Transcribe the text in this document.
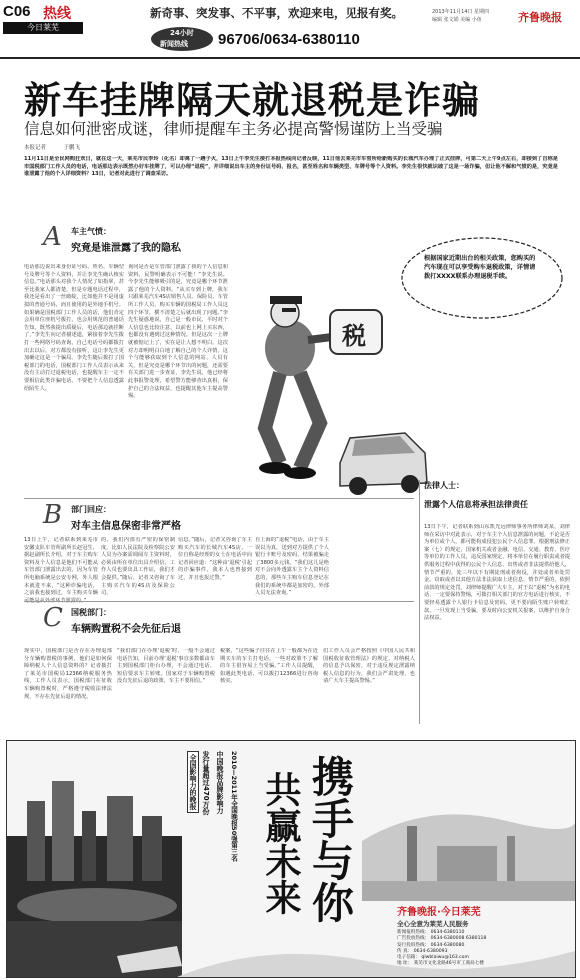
C06 热线
今日莱芜
新奇事、突发事、不平事，欢迎来电，见报有奖。
24小时
新闻热线 96706/0634-6380110
2013年11月14日 星期四
编辑 张文娟 美编 小鱼	齐鲁晚报
新车挂牌隔天就退税是诈骗
信息如何泄密成谜，律师提醒车主务必提高警惕谨防上当受骗
本报记者	于鹏飞
11月11日是全民网购狂欢日，就在这一天，莱芜市民李玲（化名）却离了一趟子火，13日上午李先生接打本报热线向记者反映，11日他去莱芜市车管所给新购买的长城汽车办理了正式挂牌，可第二天上午9点左右，却接到了自称是市国税部门工作人员的电话，电话那边表示既然办好车挂牌了，可以办理“退税”，并详细说出车主的身份证号码、报名，甚至姓名和车辆类型、车牌号等个人资料。李先生很快就识破了这是一场诈骗，但让他不解和气愤的是，究竟是谁泄露了他的个人详细资料？13日，记者对此进行了调查采访。
A 车主气愤：
究竟是谁泄露了我的隐私
电话那边说出来身份证号码、姓名、车辆型号及牌号等个人资料，并让李先生确认核实信息。”电话那头对我个人情况了如指掌，甚至比我家人都清楚，但是专题电话过程中，我还是看出了一丝破绽，比如他并不是用虚拟的普通号码，而且使用的是外地手机号。如果确是国税部门工作人员的话，他们肯定会用单位座机号拨打，也会用规范的普通话告知。既然我提出质疑后，电话那边就挂断了，”李先生向记者描述道，紧接着李先生拨打一些网络号码查询，自己电话号码都拨打出去以后，对方都没有接听，这让李先生更加确定这是一个骗局。李先生随后拨打了国税部门的电话，国税部门工作人员表示从来没有主动打过退税电话，也提醒车主一定不要相信此类诈骗电话，不要把个人信息透露给陌生人。
询问是否是车管部门泄露了我的个人信息和资料，民警明确表示不可能！”李先生说。今李先生能够吸引的是，究竟是哪个环节泄露了他的个人资料。“从买车到上牌，我车只跟莱芜汽车4S店销售人员、保险员、车管所工作人员、购买车辆的国税局工作人员这四个环节，横不清楚之后就出现了问题。”李先生疑惑地说，自己是一般市民，平时对个人信息也比较注意，以前也上网上买东西，也都没有遇到过这种情况。但是这次一上牌就被惦记上了，实在是让人想不明白。这次对方却明明白白地了解自己的个人详情，这个与能够获取到个人信息的网站、人员有关，但是究竟是哪个环节出的问题，还需要有关部门进一步查证，李先生说，他已经将此事报警处理，希望警方能够查出真相，保护自己的合法权益，也提醒其他车主提高警惕。
税
根据国家近期出台的相关政策，您购买的汽车现在可以享受购车退税政策，详情请拨打XXXX联系办理退税手续。
B 部门回应：
对车主信息保密非常严格
13日上午，记者联系到莱芜市安馨支队车管所副所长赵冠生，据赵副所长介绍，对于车主购车资料及个人信息是他们不可能从车管部门泄露出去的，因为车管所电脑系统是公安专网，外人根本就进不来，“这种诈骗电话，之前我也接到过，车主购买车辆
的，我们内部有严密的保密制度，比如人民法院及检察院公安人员为办案需调阅车主资料时，必须由所在单位出具介绍信，工作人员也要出具工作证，我们才会提供。”随后，记者又咨询了车主购买汽车的4S店及保险公司。
信息。”随后，记者又咨询了车主购买汽车的长城汽车4S店，一位自称是经理的女士在电话中向记者回应道：“这种由‘退税’引起的诈骗事件，我本人也曾接到过，并且也报过警。”
自上海的“退税”电话，由于车主误以为真，送到对方提供了个人银行卡账号及密码，结果被骗走了3800多元钱，“我们这儿是绝对不会向外透露车主个人资料信息的，那些车主购车信息登记在我们的系统中都是加密的，外部人员无法查询。”
C 国税部门：
车辆购置税不会先征后退
现实中，国税部门是否存在办理退部分车辆购置税的事例，他们是如何保障纳税人个人信息资料的？记者拨打了莱芜市国税局12366纳税服务热线，工作人员表示，国税部门在征收车辆购置税时，严格遵守税收法律法规，不存在先征后退的情况。
“我们部门在办理‘退税’时，一般不会通过电话告知，目前办理‘退税’事宜多数都由车主到国税部门柜台办理，不会通过电话、短信要求车主转账。国家对于车辆购置税没有先征后退的政策，车主不要相信。”
税案，“这些骗子往往在上午一般都为在近期买车的车主打电话，一些对政策不了解的车主很容易上当受骗。”工作人员提醒，如遇此类电话，可以拨打12366进行咨询核实。
们工作人员会严格按照《中国人民共和国税收征收管理法》的规定，对纳税人的信息予以保密，对于违反规定泄露纳税人信息的行为，我们会严肃处理，也请广大车主提高警惕。”
法律人士：
泄露个人信息将承担法律责任
13日下午，记者联系到山东凯光远律师事务所律师刘某，刘律师在采访中对此表示，对于车主个人信息泄露的问题，不论是否为单位或个人，都可能构成侵犯公民个人信息罪。根据刑法修正案（七）的规定，国家机关或者金融、电信、交通、教育、医疗等单位的工作人员，违反国家规定，将本单位在履行职责或者提供服务过程中获得的公民个人信息，出售或者非法提供给他人，情节严重的，处三年以下有期徒刑或者拘役，并处或者单处罚金。窃取或者以其他方法非法获取上述信息，情节严重的，依照前款的规定处罚。刘律师提醒广大车主，对于以“退税”为名的电话，一定要保持警惕，可拨打相关部门的官方电话进行核实，不要轻易透露个人银行卡信息及密码，更不要向陌生账户转账汇款，一旦发现上当受骗，要及时向公安机关报案，以维护自身合法权益。
全国影响力的晚报 发行量超过470万份 中国晚报品牌影响力 2010—2011年全国晚报50强第三名 携手与你
共赢未来	齐鲁晚报·今日莱芜
全心全意为莱芜人民服务
新闻报料热线： 0634-6380110
广告投放热线： 0634-6380008 6380118
发行投诉热线： 0634-6380080
传 真： 0634-6380093
电子信箱： qlwblaiwu@163.com
地 址： 莱芜市文化北路46号市工商局七楼
